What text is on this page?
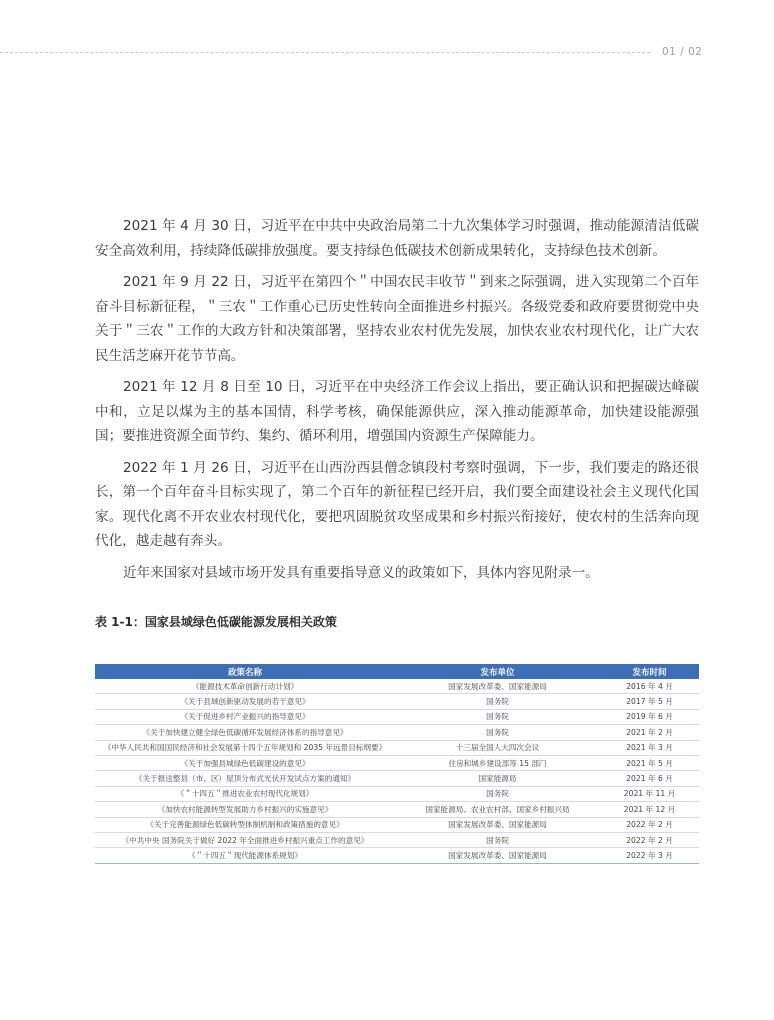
01 / 02

2021 年 4 月 30 日，习近平在中共中央政治局第二十九次集体学习时强调，推动能源清洁低碳安全高效利用，持续降低碳排放强度。要支持绿色低碳技术创新成果转化，支持绿色技术创新。

2021 年 9 月 22 日，习近平在第四个＂中国农民丰收节＂到来之际强调，进入实现第二个百年奋斗目标新征程，＂三农＂工作重心已历史性转向全面推进乡村振兴。各级党委和政府要贯彻党中央关于＂三农＂工作的大政方针和决策部署，坚持农业农村优先发展，加快农业农村现代化，让广大农民生活芝麻开花节节高。

2021 年 12 月 8 日至 10 日，习近平在中央经济工作会议上指出，要正确认识和把握碳达峰碳中和，立足以煤为主的基本国情，科学考核，确保能源供应，深入推动能源革命，加快建设能源强国；要推进资源全面节约、集约、循环利用，增强国内资源生产保障能力。

2022 年 1 月 26 日，习近平在山西汾西县僧念镇段村考察时强调，下一步，我们要走的路还很长，第一个百年奋斗目标实现了，第二个百年的新征程已经开启，我们要全面建设社会主义现代化国家。现代化离不开农业农村现代化，要把巩固脱贫攻坚成果和乡村振兴衔接好，使农村的生活奔向现代化，越走越有奔头。

近年来国家对县域市场开发具有重要指导意义的政策如下，具体内容见附录一。

表 1-1：国家县域绿色低碳能源发展相关政策
政策名称	发布单位	发布时间
《能源技术革命创新行动计划》	国家发展改革委、国家能源局	2016 年 4 月
《关于县域创新驱动发展的若干意见》	国务院	2017 年 5 月
《关于促进乡村产业振兴的指导意见》	国务院	2019 年 6 月
《关于加快建立健全绿色低碳循环发展经济体系的指导意见》	国务院	2021 年 2 月
《中华人民共和国国民经济和社会发展第十四个五年规划和 2035 年远景目标纲要》	十三届全国人大四次会议	2021 年 3 月
《关于加强县城绿色低碳建设的意见》	住房和城乡建设部等 15 部门	2021 年 5 月
《关于报送整县（市、区）屋顶分布式光伏开发试点方案的通知》	国家能源局	2021 年 6 月
《＂十四五＂推进农业农村现代化规划》	国务院	2021 年 11 月
《加快农村能源转型发展助力乡村振兴的实施意见》	国家能源局、农业农村部、国家乡村振兴局	2021 年 12 月
《关于完善能源绿色低碳转型体制机制和政策措施的意见》	国家发展改革委、国家能源局	2022 年 2 月
《中共中央 国务院关于做好 2022 年全面推进乡村振兴重点工作的意见》	国务院	2022 年 2 月
《＂十四五＂现代能源体系规划》	国家发展改革委、国家能源局	2022 年 3 月
